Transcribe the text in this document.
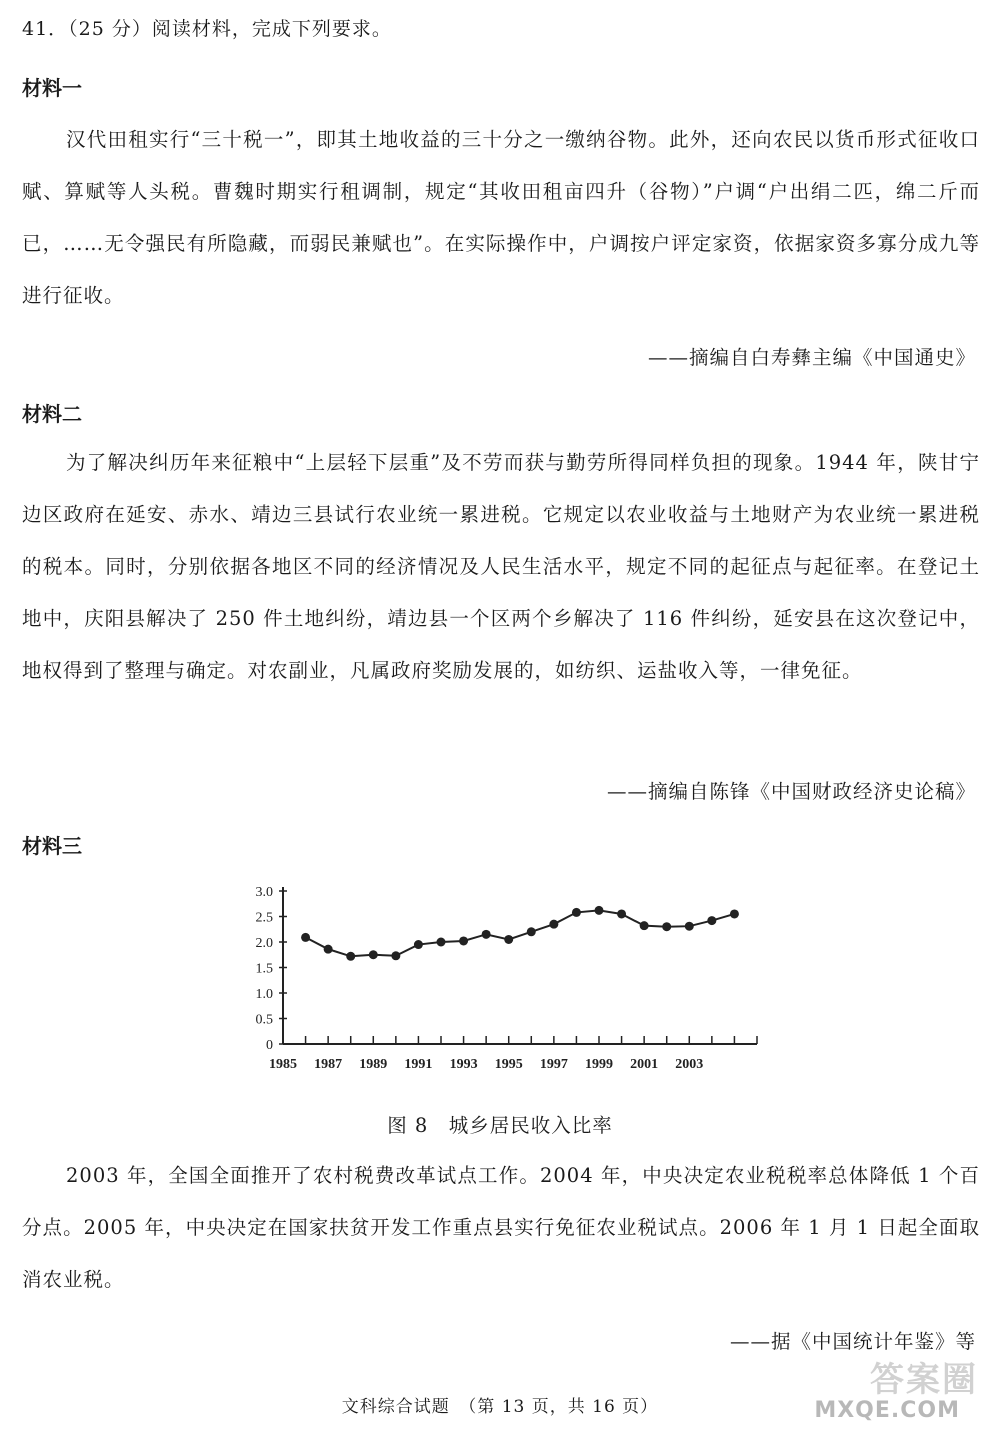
41．（25 分）阅读材料，完成下列要求。
材料一

汉代田租实行“三十税一”，即其土地收益的三十分之一缴纳谷物。此外，还向农民以货币形式征收口赋、算赋等人头税。曹魏时期实行租调制，规定“其收田租亩四升（谷物）”户调“户出绢二匹，绵二斤而已，……无令强民有所隐藏，而弱民兼赋也”。在实际操作中，户调按户评定家资，依据家资多寡分成九等进行征收。

——摘编自白寿彝主编《中国通史》
材料二

为了解决纠历年来征粮中“上层轻下层重”及不劳而获与勤劳所得同样负担的现象。1944 年，陕甘宁边区政府在延安、赤水、靖边三县试行农业统一累进税。它规定以农业收益与土地财产为农业统一累进税的税本。同时，分别依据各地区不同的经济情况及人民生活水平，规定不同的起征点与起征率。在登记土地中，庆阳县解决了 250 件土地纠纷，靖边县一个区两个乡解决了 116 件纠纷，延安县在这次登记中，地权得到了整理与确定。对农副业，凡属政府奖励发展的，如纺织、运盐收入等，一律免征。

——摘编自陈锋《中国财政经济史论稿》
材料三
0
0.5
1.0
1.5
2.0
2.5
3.0
1985 1987 1989 1991 1993 1995 1997 1999 2001 2003
图 8　城乡居民收入比率

2003 年，全国全面推开了农村税费改革试点工作。2004 年，中央决定农业税税率总体降低 1 个百分点。2005 年，中央决定在国家扶贫开发工作重点县实行免征农业税试点。2006 年 1 月 1 日起全面取消农业税。

——据《中国统计年鉴》等
文科综合试题　（第 13 页，共 16 页）
答案圈
MXQE.COM
